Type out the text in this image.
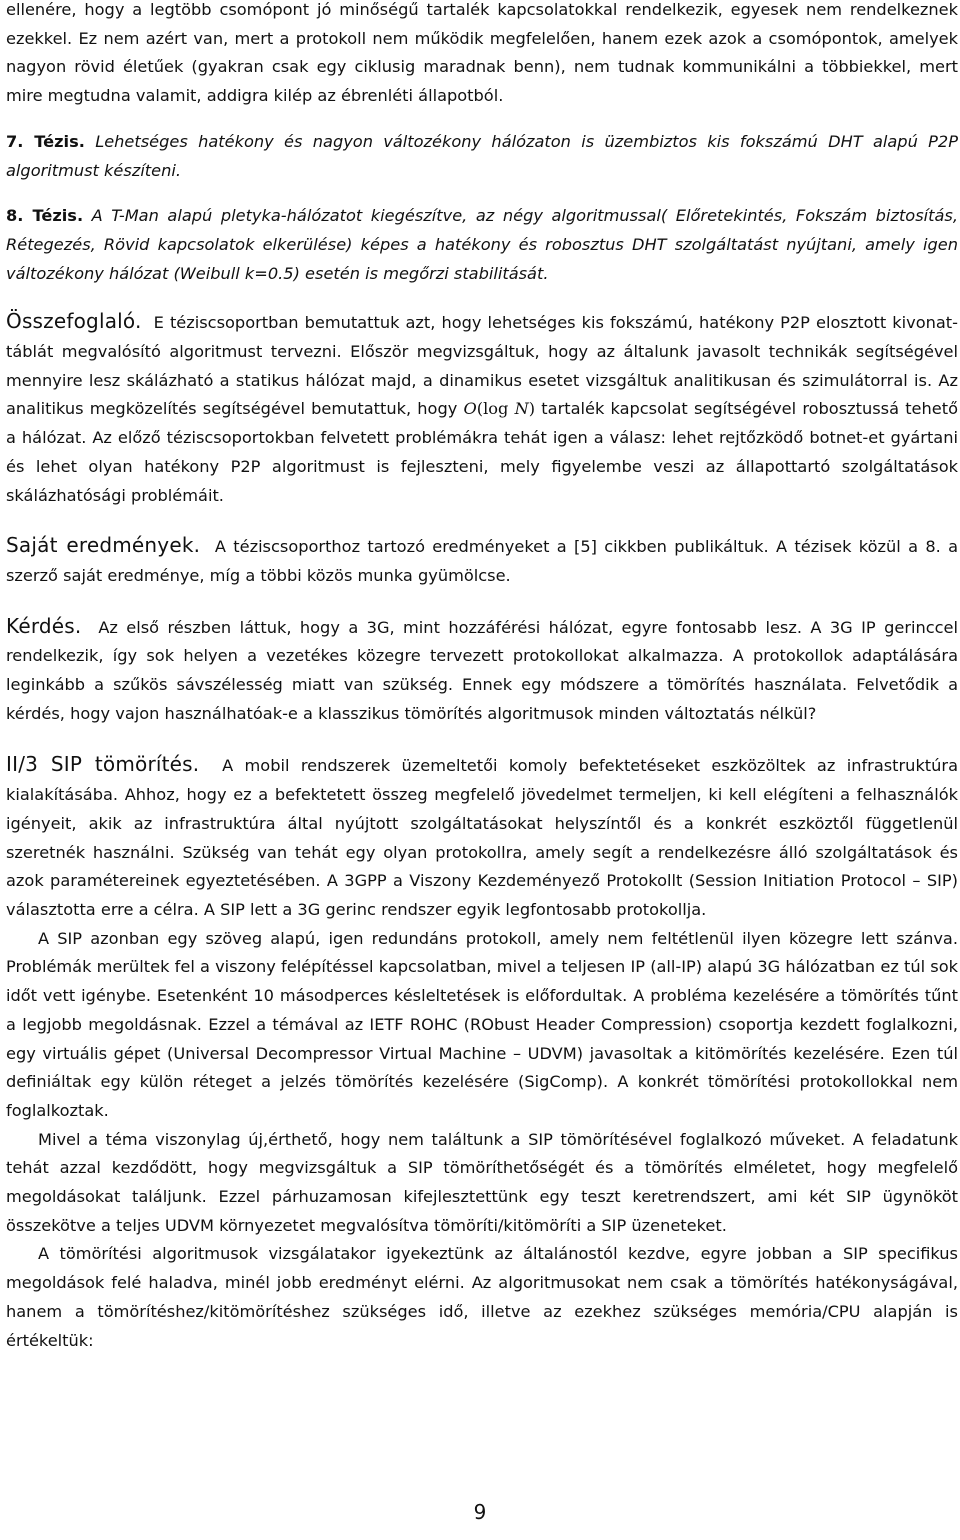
ellenére, hogy a legtöbb csomópont jó minőségű tartalék kapcsolatokkal rendelkezik, egyesek nem rendelkeznek ezekkel. Ez nem azért van, mert a protokoll nem működik megfelelően, hanem ezek azok a csomópontok, amelyek nagyon rövid életűek (gyakran csak egy ciklusig maradnak benn), nem tudnak kommunikálni a többiekkel, mert mire megtudna valamit, addigra kilép az ébrenléti állapotból.

7. Tézis. Lehetséges hatékony és nagyon változékony hálózaton is üzembiztos kis fokszámú DHT alapú P2P algoritmust készíteni.

8. Tézis. A T-Man alapú pletyka-hálózatot kiegészítve, az négy algoritmussal( Előretekintés, Fokszám biztosítás, Rétegezés, Rövid kapcsolatok elkerülése) képes a hatékony és robosztus DHT szolgáltatást nyújtani, amely igen változékony hálózat (Weibull k=0.5) esetén is megőrzi stabilitását.

Összefoglaló. E téziscsoportban bemutattuk azt, hogy lehetséges kis fokszámú, hatékony P2P elosztott kivonat-táblát megvalósító algoritmust tervezni. Először megvizsgáltuk, hogy az általunk javasolt technikák segítségével mennyire lesz skálázható a statikus hálózat majd, a dinamikus esetet vizsgáltuk analitikusan és szimulátorral is. Az analitikus megközelítés segítségével bemutattuk, hogy O(log N) tartalék kapcsolat segítségével robosztussá tehető a hálózat. Az előző téziscsoportokban felvetett problémákra tehát igen a válasz: lehet rejtőzködő botnet-et gyártani és lehet olyan hatékony P2P algoritmust is fejleszteni, mely figyelembe veszi az állapottartó szolgáltatások skálázhatósági problémáit.

Saját eredmények. A téziscsoporthoz tartozó eredményeket a [5] cikkben publikáltuk. A tézisek közül a 8. a szerző saját eredménye, míg a többi közös munka gyümölcse.

Kérdés. Az első részben láttuk, hogy a 3G, mint hozzáférési hálózat, egyre fontosabb lesz. A 3G IP gerinccel rendelkezik, így sok helyen a vezetékes közegre tervezett protokollokat alkalmazza. A protokollok adaptálására leginkább a szűkös sávszélesség miatt van szükség. Ennek egy módszere a tömörítés használata. Felvetődik a kérdés, hogy vajon használhatóak-e a klasszikus tömörítés algoritmusok minden változtatás nélkül?

II/3 SIP tömörítés. A mobil rendszerek üzemeltetői komoly befektetéseket eszközöltek az infrastruktúra kialakításába. Ahhoz, hogy ez a befektetett összeg megfelelő jövedelmet termeljen, ki kell elégíteni a felhasználók igényeit, akik az infrastruktúra által nyújtott szolgáltatásokat helyszíntől és a konkrét eszköztől függetlenül szeretnék használni. Szükség van tehát egy olyan protokollra, amely segít a rendelkezésre álló szolgáltatások és azok paramétereinek egyeztetésében. A 3GPP a Viszony Kezdeményező Protokollt (Session Initiation Protocol – SIP) választotta erre a célra. A SIP lett a 3G gerinc rendszer egyik legfontosabb protokollja.

A SIP azonban egy szöveg alapú, igen redundáns protokoll, amely nem feltétlenül ilyen közegre lett szánva. Problémák merültek fel a viszony felépítéssel kapcsolatban, mivel a teljesen IP (all-IP) alapú 3G hálózatban ez túl sok időt vett igénybe. Esetenként 10 másodperces késleltetések is előfordultak. A probléma kezelésére a tömörítés tűnt a legjobb megoldásnak. Ezzel a témával az IETF ROHC (RObust Header Compression) csoportja kezdett foglalkozni, egy virtuális gépet (Universal Decompressor Virtual Machine – UDVM) javasoltak a kitömörítés kezelésére. Ezen túl definiáltak egy külön réteget a jelzés tömörítés kezelésére (SigComp). A konkrét tömörítési protokollokkal nem foglalkoztak.

Mivel a téma viszonylag új,érthető, hogy nem találtunk a SIP tömörítésével foglalkozó műveket. A feladatunk tehát azzal kezdődött, hogy megvizsgáltuk a SIP tömöríthetőségét és a tömörítés elméletet, hogy megfelelő megoldásokat találjunk. Ezzel párhuzamosan kifejlesztettünk egy teszt keretrendszert, ami két SIP ügynököt összekötve a teljes UDVM környezetet megvalósítva tömöríti/kitömöríti a SIP üzeneteket.

A tömörítési algoritmusok vizsgálatakor igyekeztünk az általánostól kezdve, egyre jobban a SIP specifikus megoldások felé haladva, minél jobb eredményt elérni. Az algoritmusokat nem csak a tömörítés hatékonyságával, hanem a tömörítéshez/kitömörítéshez szükséges idő, illetve az ezekhez szükséges memória/CPU alapján is értékeltük:

9
